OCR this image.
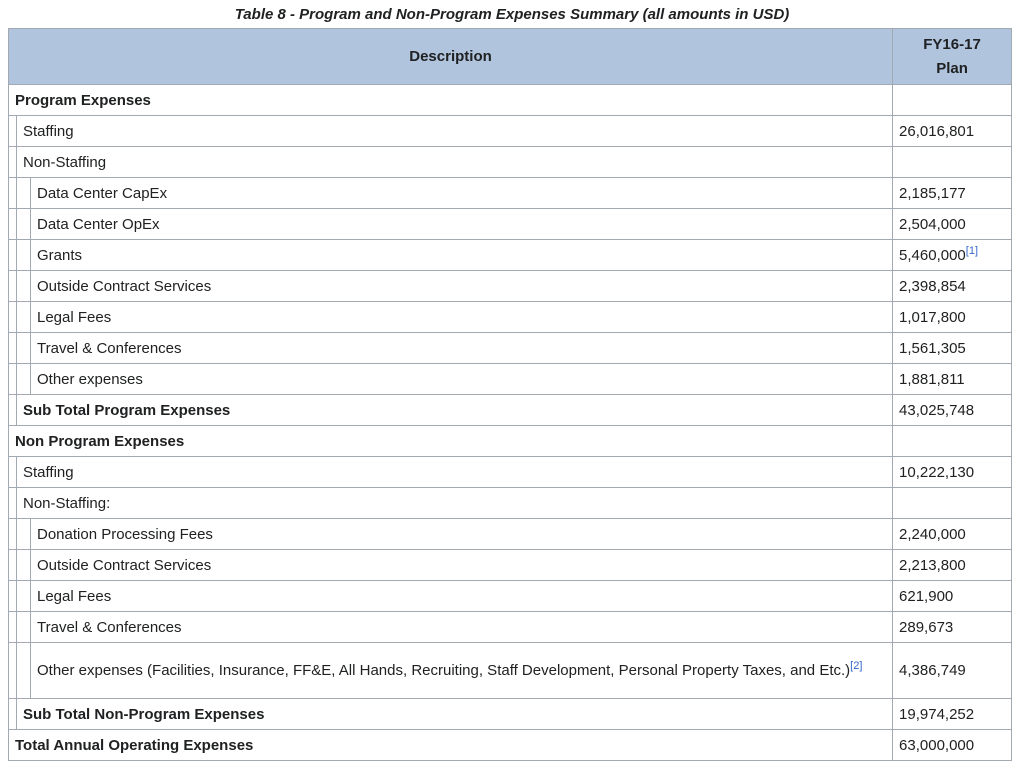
Table 8 - Program and Non-Program Expenses Summary (all amounts in USD)
Description			FY16-17
Plan

Program Expenses			
	Staffing		26,016,801
	Non-Staffing		
		Data Center CapEx	2,185,177
		Data Center OpEx	2,504,000
		Grants	5,460,000[1]
		Outside Contract Services	2,398,854
		Legal Fees	1,017,800
		Travel & Conferences	1,561,305
		Other expenses	1,881,811
	Sub Total Program Expenses		43,025,748
Non Program Expenses			
	Staffing		10,222,130
	Non-Staffing:		
		Donation Processing Fees	2,240,000
		Outside Contract Services	2,213,800
		Legal Fees	621,900
		Travel & Conferences	289,673
		Other expenses (Facilities, Insurance, FF&E, All Hands, Recruiting, Staff Development, Personal Property Taxes, and Etc.)[2]	4,386,749
	Sub Total Non-Program Expenses		19,974,252
Total Annual Operating Expenses			63,000,000
